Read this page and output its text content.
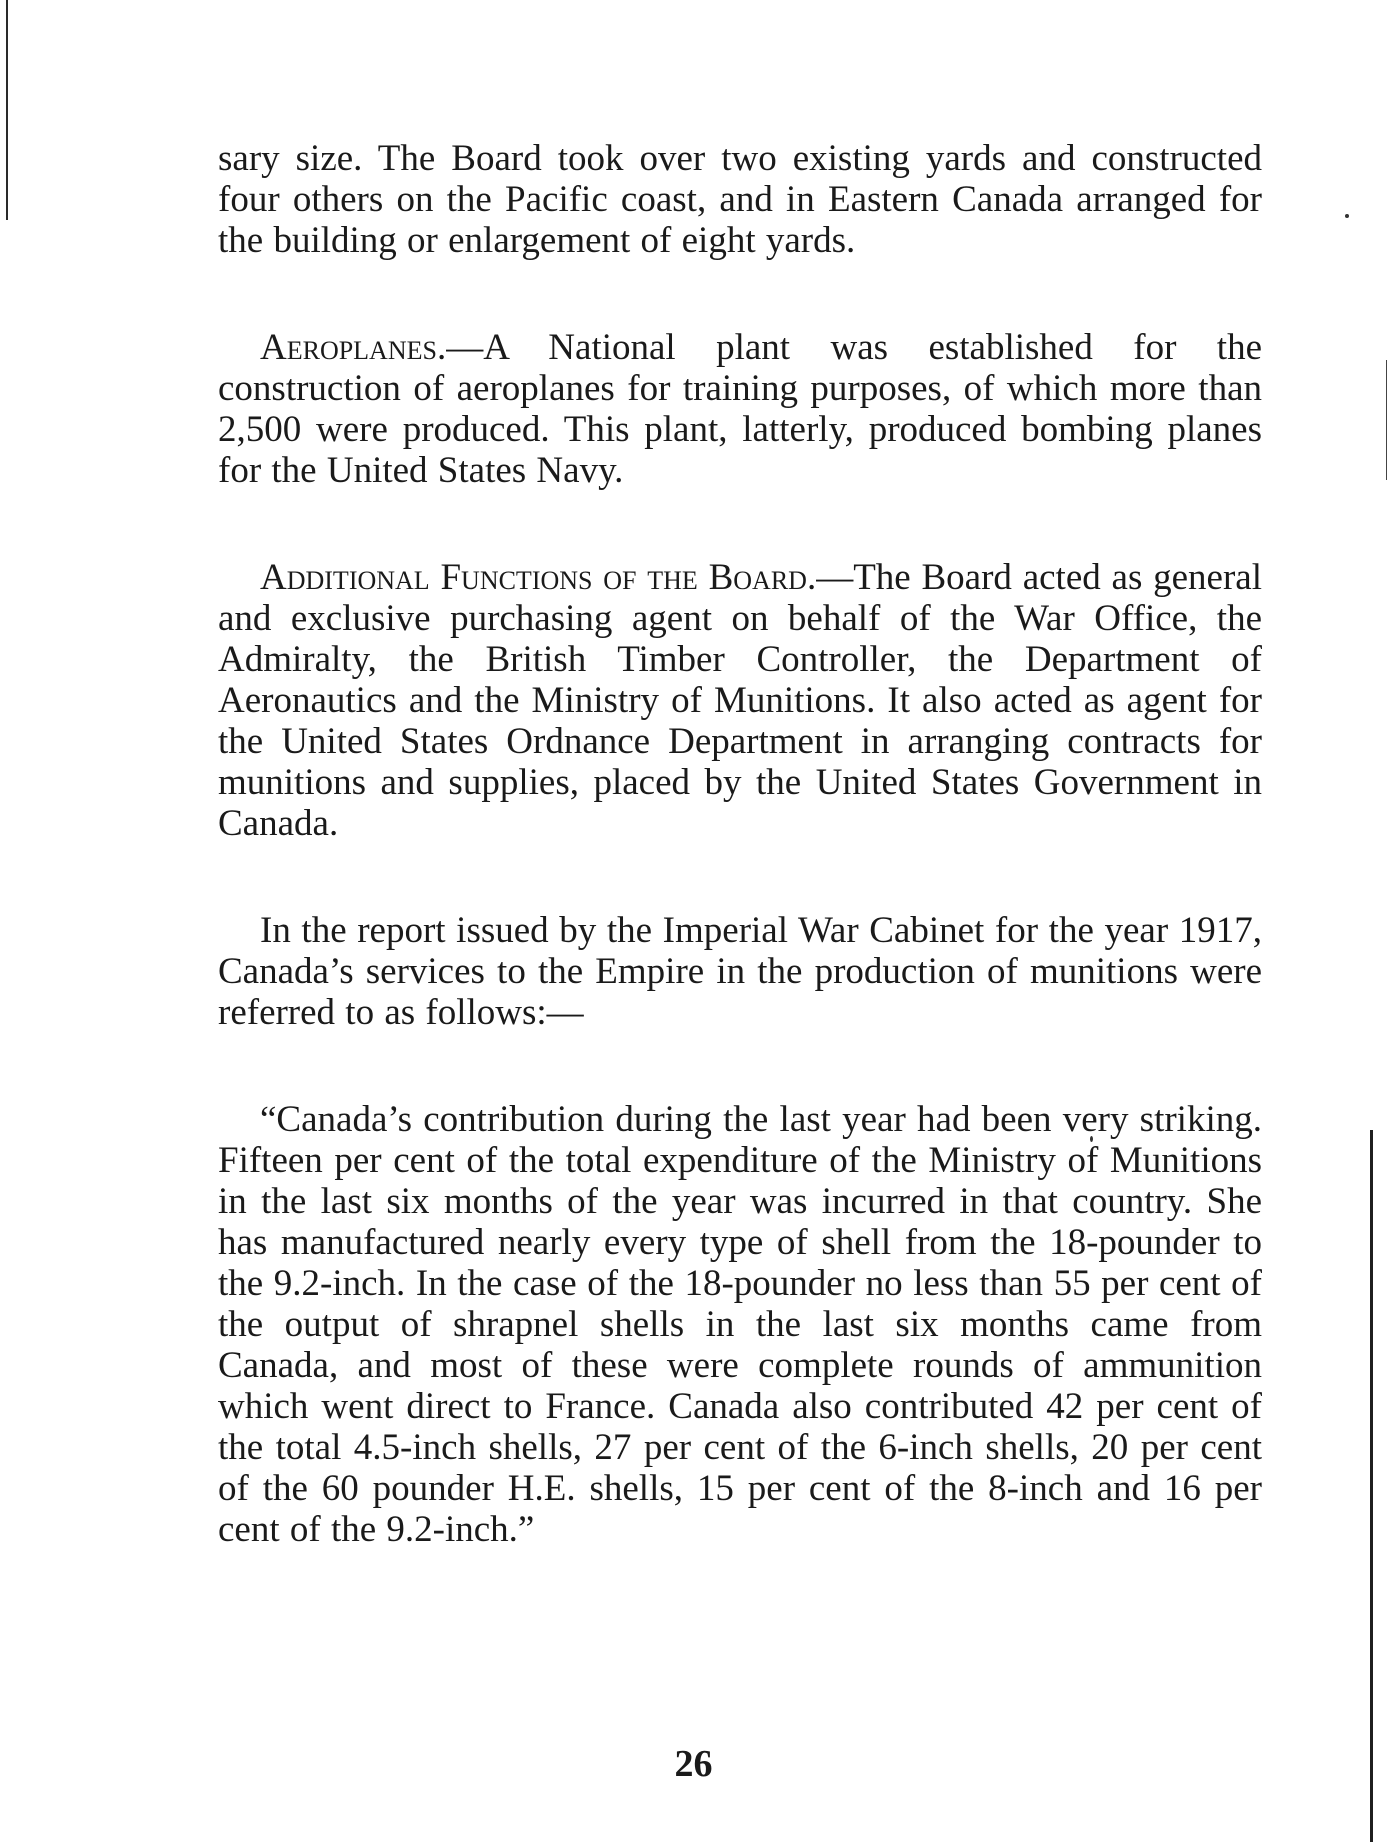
sary size. The Board took over two existing yards and constructed four others on the Pacific coast, and in Eastern Canada arranged for the building or enlargement of eight yards.

Aeroplanes.—A National plant was established for the construction of aeroplanes for training purposes, of which more than 2,500 were produced. This plant, latterly, produced bombing planes for the United States Navy.

Additional Functions of the Board.—The Board acted as general and exclusive purchasing agent on behalf of the War Office, the Admiralty, the British Timber Controller, the Department of Aeronautics and the Ministry of Munitions. It also acted as agent for the United States Ordnance Department in arranging contracts for munitions and supplies, placed by the United States Government in Canada.

In the report issued by the Imperial War Cabinet for the year 1917, Canada’s services to the Empire in the production of munitions were referred to as follows:—

“Canada’s contribution during the last year had been very striking. Fifteen per cent of the total expenditure of the Ministry of Munitions in the last six months of the year was incurred in that country. She has manufactured nearly every type of shell from the 18-pounder to the 9.2-inch. In the case of the 18-pounder no less than 55 per cent of the output of shrapnel shells in the last six months came from Canada, and most of these were complete rounds of ammunition which went direct to France. Canada also contributed 42 per cent of the total 4.5-inch shells, 27 per cent of the 6-inch shells, 20 per cent of the 60 pounder H.E. shells, 15 per cent of the 8-inch and 16 per cent of the 9.2-inch.”

26
